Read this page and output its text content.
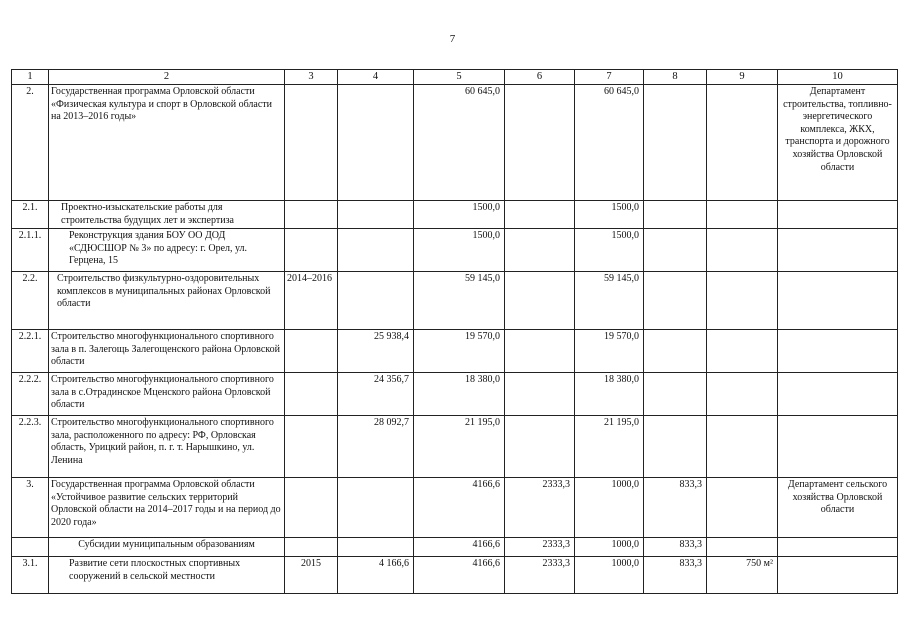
7
1	2	3	4	5	6	7	8	9	10
2.	Государственная программа Орловской области «Физическая культура и спорт в Орловской области на 2013–2016 годы»			60 645,0		60 645,0			Департамент строительства, топливно-энергетического комплекса, ЖКХ, транспорта и дорожного хозяйства Орловской области
2.1.	Проектно-изыскательские работы для строительства будущих лет и экспертиза			1500,0		1500,0			
2.1.1.	Реконструкция здания БОУ ОО ДОД «СДЮСШОР № 3» по адресу: г. Орел, ул. Герцена, 15			1500,0		1500,0			
2.2.	Строительство физкультурно-оздоровительных комплексов в муниципальных районах Орловской области	2014–2016		59 145,0		59 145,0			
2.2.1.	Строительство многофункционального спортивного зала в п. Залегощь Залегощенского района Орловской области		25 938,4	19 570,0		19 570,0			
2.2.2.	Строительство многофункционального спортивного зала в с.Отрадинское Мценского района Орловской области		24 356,7	18 380,0		18 380,0			
2.2.3.	Строительство многофункционального спортивного зала, расположенного по адресу: РФ, Орловская область, Урицкий район, п. г. т. Нарышкино, ул. Ленина		28 092,7	21 195,0		21 195,0			
3.	Государственная программа Орловской области «Устойчивое развитие сельских территорий Орловской области на 2014–2017 годы и на период до 2020 года»			4166,6	2333,3	1000,0	833,3		Департамент сельского хозяйства Орловской области
	Субсидии муниципальным образованиям			4166,6	2333,3	1000,0	833,3		
3.1.	Развитие сети плоскостных спортивных сооружений в сельской местности	2015	4 166,6	4166,6	2333,3	1000,0	833,3	750 м²	
